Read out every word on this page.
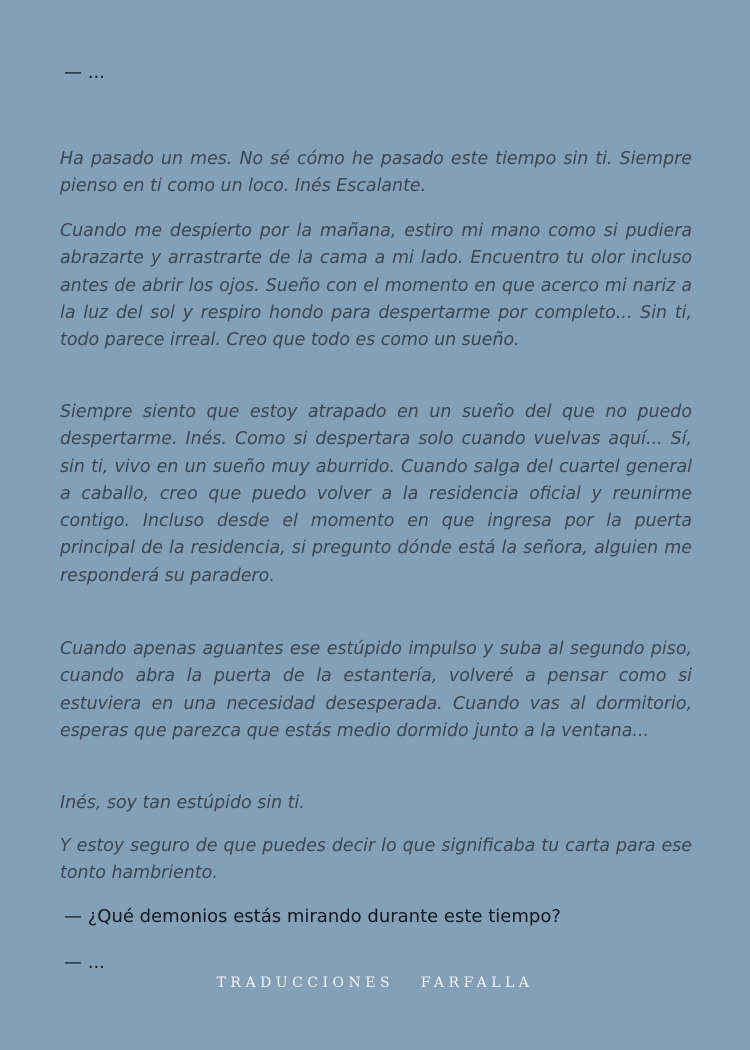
— ...

Ha pasado un mes. No sé cómo he pasado este tiempo sin ti. Siempre pienso en ti como un loco. Inés Escalante.

Cuando me despierto por la mañana, estiro mi mano como si pudiera abrazarte y arrastrarte de la cama a mi lado. Encuentro tu olor incluso antes de abrir los ojos. Sueño con el momento en que acerco mi nariz a la luz del sol y respiro hondo para despertarme por completo... Sin ti, todo parece irreal. Creo que todo es como un sueño.

Siempre siento que estoy atrapado en un sueño del que no puedo despertarme. Inés. Como si despertara solo cuando vuelvas aquí... Sí, sin ti, vivo en un sueño muy aburrido. Cuando salga del cuartel general a caballo, creo que puedo volver a la residencia oficial y reunirme contigo. Incluso desde el momento en que ingresa por la puerta principal de la residencia, si pregunto dónde está la señora, alguien me responderá su paradero.

Cuando apenas aguantes ese estúpido impulso y suba al segundo piso, cuando abra la puerta de la estantería, volveré a pensar como si estuviera en una necesidad desesperada. Cuando vas al dormitorio, esperas que parezca que estás medio dormido junto a la ventana...

Inés, soy tan estúpido sin ti.

Y estoy seguro de que puedes decir lo que significaba tu carta para ese tonto hambriento.

— ¿Qué demonios estás mirando durante este tiempo?
— ...
TRADUCCIONES   FARFALLA
